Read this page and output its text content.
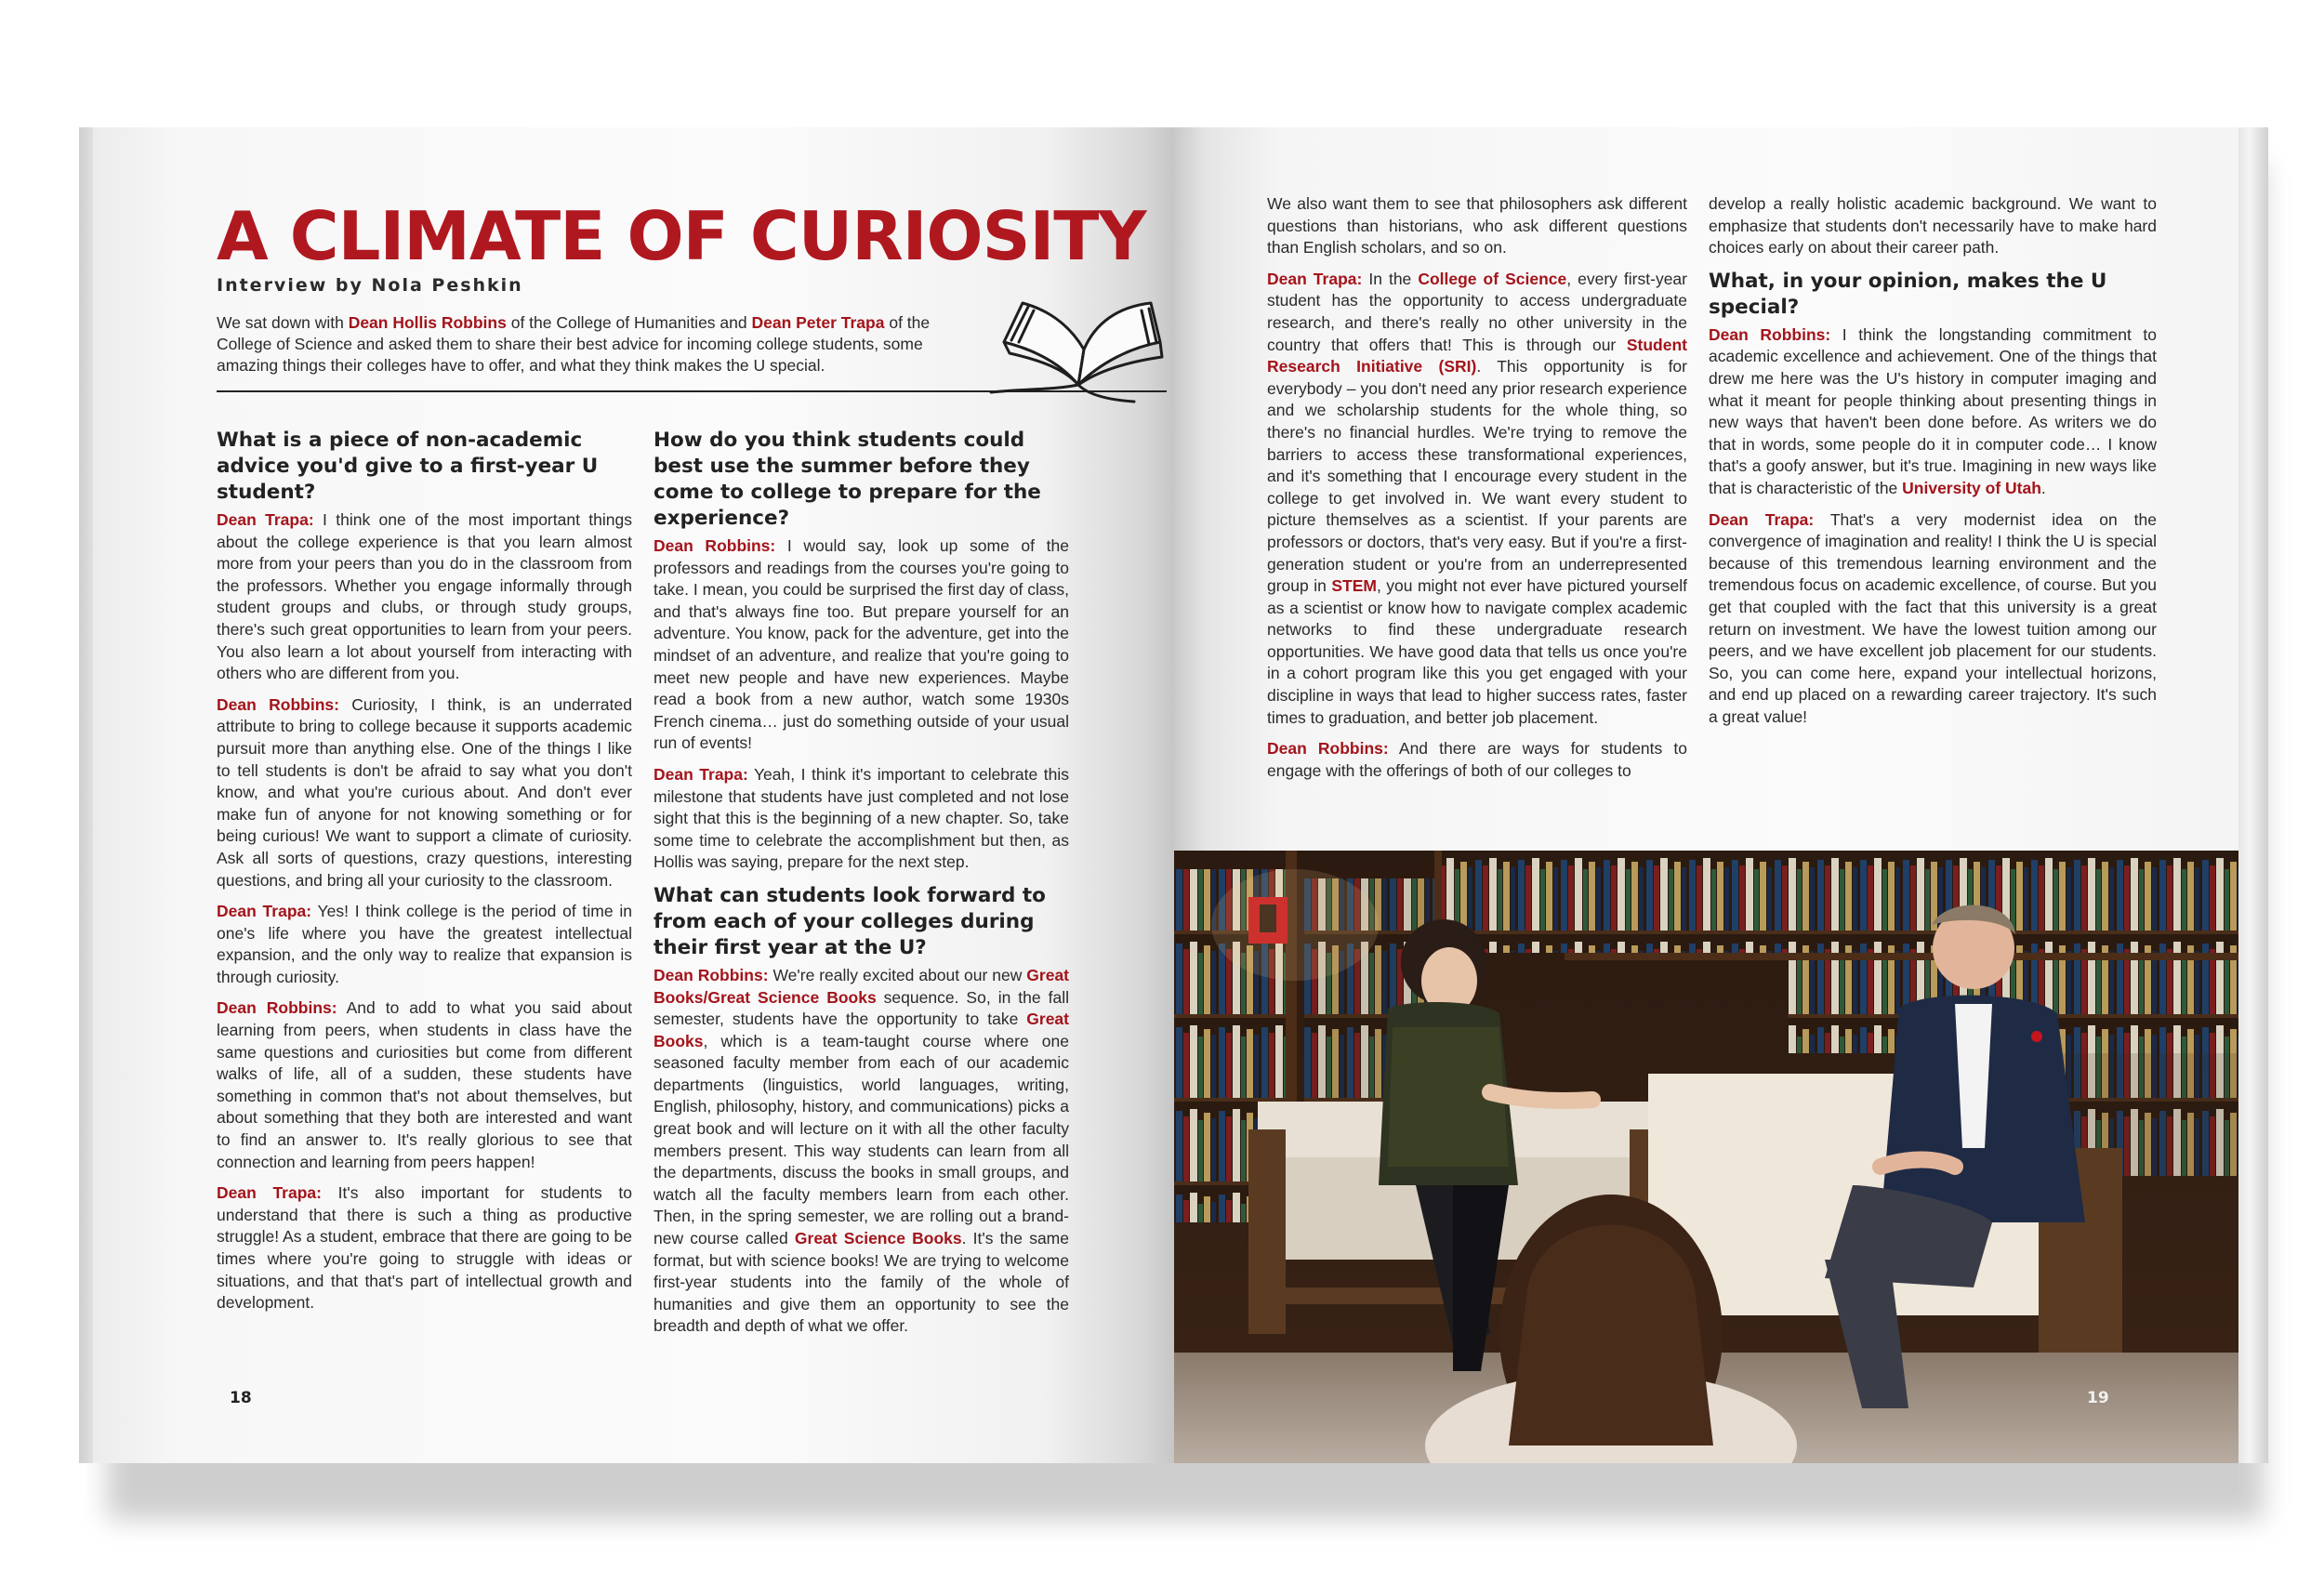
A CLIMATE OF CURIOSITY
Interview by Nola Peshkin
We sat down with Dean Hollis Robbins of the College of Humanities and Dean Peter Trapa of the College of Science and asked them to share their best advice for incoming college students, some amazing things their colleges have to offer, and what they think makes the U special.
What is a piece of non-academic advice you'd give to a first-year U student?

Dean Trapa: I think one of the most important things about the college experience is that you learn almost more from your peers than you do in the classroom from the professors. Whether you engage informally through student groups and clubs, or through study groups, there's such great opportunities to learn from your peers. You also learn a lot about yourself from interacting with others who are different from you.

Dean Robbins: Curiosity, I think, is an underrated attribute to bring to college because it supports academic pursuit more than anything else. One of the things I like to tell students is don't be afraid to say what you don't know, and what you're curious about. And don't ever make fun of anyone for not knowing something or for being curious! We want to support a climate of curiosity. Ask all sorts of questions, crazy questions, interesting questions, and bring all your curiosity to the classroom.

Dean Trapa: Yes! I think college is the period of time in one's life where you have the greatest intellectual expansion, and the only way to realize that expansion is through curiosity.

Dean Robbins: And to add to what you said about learning from peers, when students in class have the same questions and curiosities but come from different walks of life, all of a sudden, these students have something in common that's not about themselves, but about something that they both are interested and want to find an answer to. It's really glorious to see that connection and learning from peers happen!

Dean Trapa: It's also important for students to understand that there is such a thing as productive struggle! As a student, embrace that there are going to be times where you're going to struggle with ideas or situations, and that that's part of intellectual growth and development.

How do you think students could best use the summer before they come to college to prepare for the experience?

Dean Robbins: I would say, look up some of the professors and readings from the courses you're going to take. I mean, you could be surprised the first day of class, and that's always fine too. But prepare yourself for an adventure. You know, pack for the adventure, get into the mindset of an adventure, and realize that you're going to meet new people and have new experiences. Maybe read a book from a new author, watch some 1930s French cinema… just do something outside of your usual run of events!

Dean Trapa: Yeah, I think it's important to celebrate this milestone that students have just completed and not lose sight that this is the beginning of a new chapter. So, take some time to celebrate the accomplishment but then, as Hollis was saying, prepare for the next step.

What can students look forward to from each of your colleges during their first year at the U?

Dean Robbins: We're really excited about our new Great Books/Great Science Books sequence. So, in the fall semester, students have the opportunity to take Great Books, which is a team-taught course where one seasoned faculty member from each of our academic departments (linguistics, world languages, writing, English, philosophy, history, and communications) picks a great book and will lecture on it with all the other faculty members present. This way students can learn from all the departments, discuss the books in small groups, and watch all the faculty members learn from each other. Then, in the spring semester, we are rolling out a brand-new course called Great Science Books. It's the same format, but with science books! We are trying to welcome first-year students into the family of the whole of humanities and give them an opportunity to see the breadth and depth of what we offer.

We also want them to see that philosophers ask different questions than historians, who ask different questions than English scholars, and so on.

Dean Trapa: In the College of Science, every first-year student has the opportunity to access undergraduate research, and there's really no other university in the country that offers that! This is through our Student Research Initiative (SRI). This opportunity is for everybody – you don't need any prior research experience and we scholarship students for the whole thing, so there's no financial hurdles. We're trying to remove the barriers to access these transformational experiences, and it's something that I encourage every student in the college to get involved in. We want every student to picture themselves as a scientist. If your parents are professors or doctors, that's very easy. But if you're a first-generation student or you're from an underrepresented group in STEM, you might not ever have pictured yourself as a scientist or know how to navigate complex academic networks to find these undergraduate research opportunities. We have good data that tells us once you're in a cohort program like this you get engaged with your discipline in ways that lead to higher success rates, faster times to graduation, and better job placement.

Dean Robbins: And there are ways for students to engage with the offerings of both of our colleges to

develop a really holistic academic background. We want to emphasize that students don't necessarily have to make hard choices early on about their career path.

What, in your opinion, makes the U special?

Dean Robbins: I think the longstanding commitment to academic excellence and achievement. One of the things that drew me here was the U's history in computer imaging and what it meant for people thinking about presenting things in new ways that haven't been done before. As writers we do that in words, some people do it in computer code… I know that's a goofy answer, but it's true. Imagining in new ways like that is characteristic of the University of Utah.

Dean Trapa: That's a very modernist idea on the convergence of imagination and reality! I think the U is special because of this tremendous learning environment and the tremendous focus on academic excellence, of course. But you get that coupled with the fact that this university is a great return on investment. We have the lowest tuition among our peers, and we have excellent job placement for our students. So, you can come here, expand your intellectual horizons, and end up placed on a rewarding career trajectory. It's such a great value!

18	19
